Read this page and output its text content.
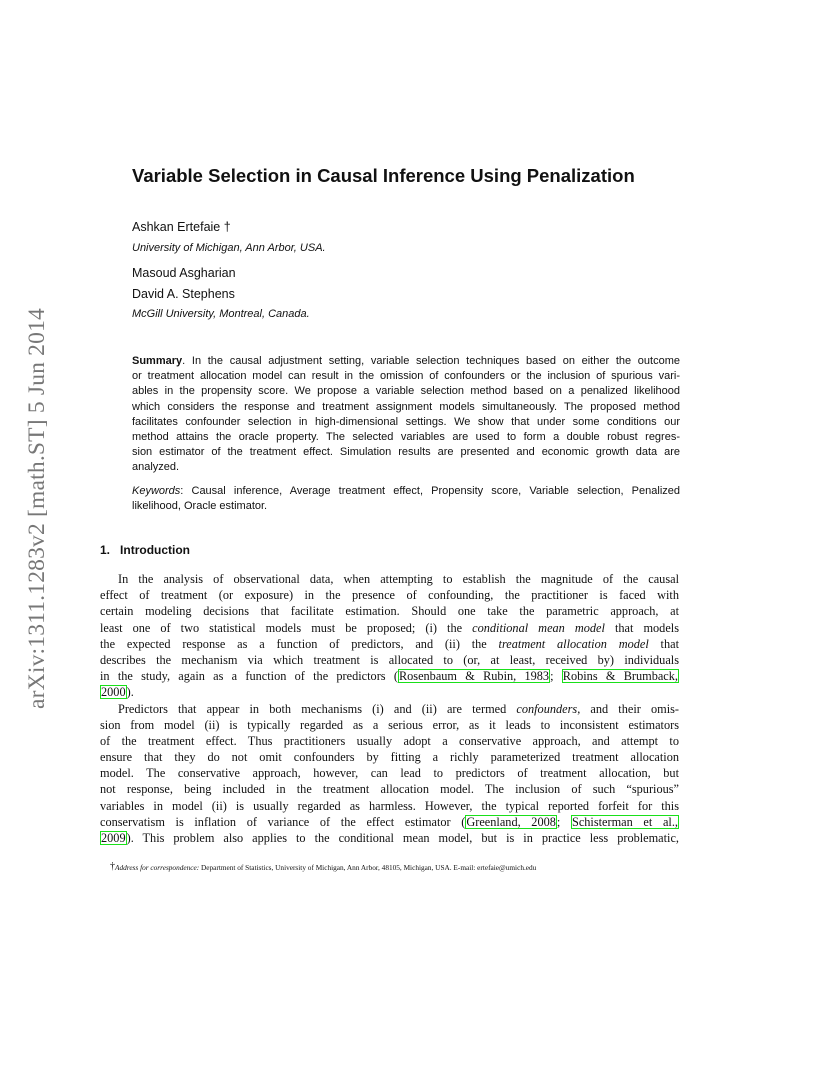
arXiv:1311.1283v2 [math.ST] 5 Jun 2014
Variable Selection in Causal Inference Using Penalization
Ashkan Ertefaie †
University of Michigan, Ann Arbor, USA.
Masoud Asgharian
David A. Stephens
McGill University, Montreal, Canada.
Summary. In the causal adjustment setting, variable selection techniques based on either the outcome
or treatment allocation model can result in the omission of confounders or the inclusion of spurious vari-
ables in the propensity score. We propose a variable selection method based on a penalized likelihood
which considers the response and treatment assignment models simultaneously. The proposed method
facilitates confounder selection in high-dimensional settings. We show that under some conditions our
method attains the oracle property. The selected variables are used to form a double robust regres-
sion estimator of the treatment effect. Simulation results are presented and economic growth data are
analyzed.
Keywords: Causal inference, Average treatment effect, Propensity score, Variable selection, Penalized
likelihood, Oracle estimator.
1. Introduction
In the analysis of observational data, when attempting to establish the magnitude of the causal
effect of treatment (or exposure) in the presence of confounding, the practitioner is faced with
certain modeling decisions that facilitate estimation. Should one take the parametric approach, at
least one of two statistical models must be proposed; (i) the conditional mean model that models
the expected response as a function of predictors, and (ii) the treatment allocation model that
describes the mechanism via which treatment is allocated to (or, at least, received by) individuals
in the study, again as a function of the predictors (Rosenbaum & Rubin, 1983; Robins & Brumback,
2000).
Predictors that appear in both mechanisms (i) and (ii) are termed confounders, and their omis-
sion from model (ii) is typically regarded as a serious error, as it leads to inconsistent estimators
of the treatment effect. Thus practitioners usually adopt a conservative approach, and attempt to
ensure that they do not omit confounders by fitting a richly parameterized treatment allocation
model. The conservative approach, however, can lead to predictors of treatment allocation, but
not response, being included in the treatment allocation model. The inclusion of such “spurious”
variables in model (ii) is usually regarded as harmless. However, the typical reported forfeit for this
conservatism is inflation of variance of the effect estimator (Greenland, 2008; Schisterman et al.,
2009). This problem also applies to the conditional mean model, but is in practice less problematic,
†Address for correspondence: Department of Statistics, University of Michigan, Ann Arbor, 48105, Michigan, USA. E-mail: ertefaie@umich.edu
